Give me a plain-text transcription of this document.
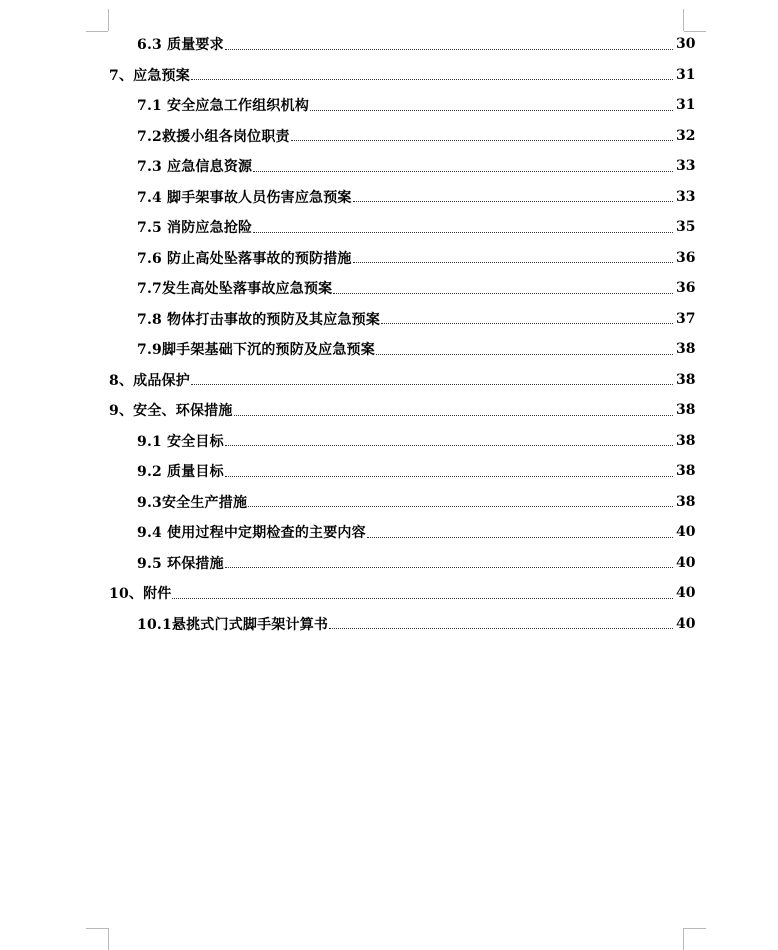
6.3 质量要求	30
7、应急预案	31
7.1 安全应急工作组织机构	31
7.2救援小组各岗位职责	32
7.3 应急信息资源	33
7.4 脚手架事故人员伤害应急预案	33
7.5 消防应急抢险	35
7.6 防止高处坠落事故的预防措施	36
7.7发生高处坠落事故应急预案	36
7.8 物体打击事故的预防及其应急预案	37
7.9脚手架基础下沉的预防及应急预案	38
8、成品保护	38
9、安全、环保措施	38
9.1 安全目标	38
9.2 质量目标	38
9.3安全生产措施	38
9.4 使用过程中定期检查的主要内容	40
9.5 环保措施	40
10、附件	40
10.1悬挑式门式脚手架计算书	40
